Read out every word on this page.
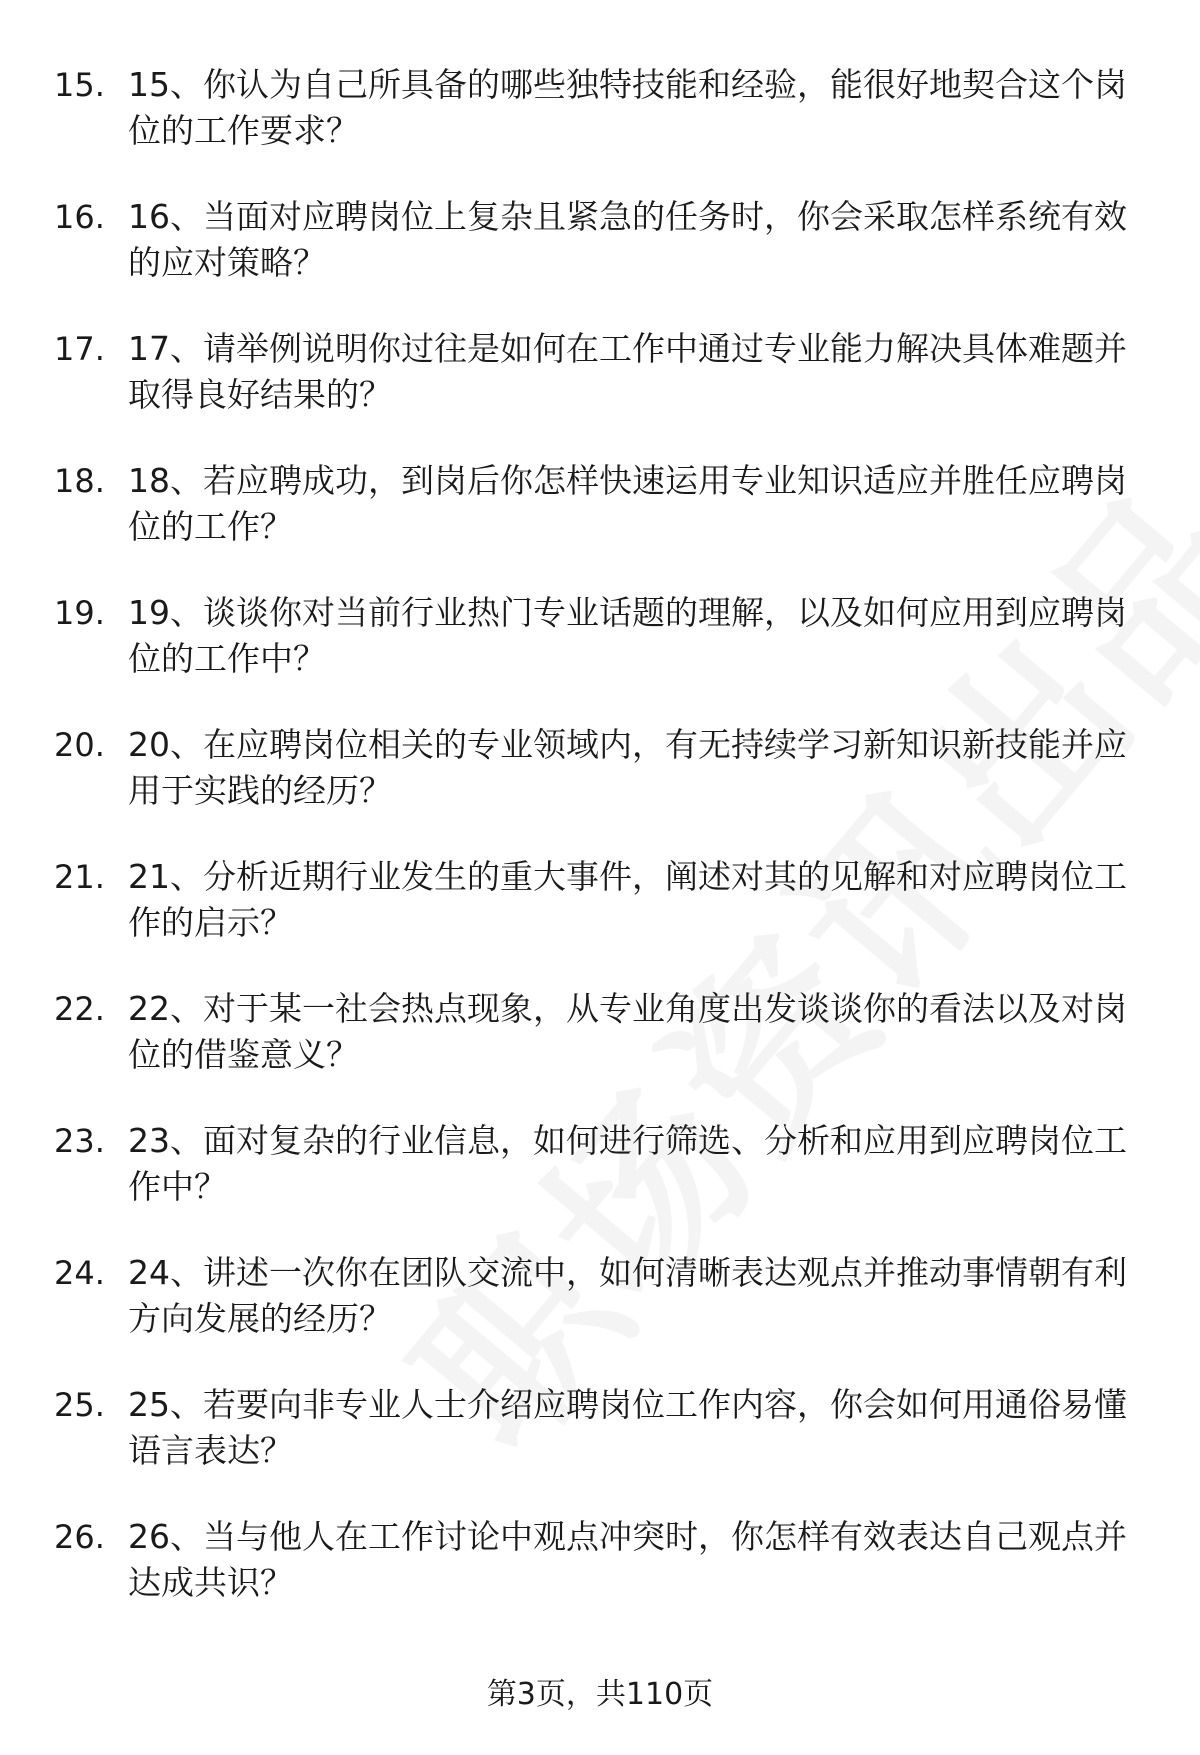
15. 15、你认为自己所具备的哪些独特技能和经验，能很好地契合这个岗位的工作要求？
16. 16、当面对应聘岗位上复杂且紧急的任务时，你会采取怎样系统有效的应对策略？
17. 17、请举例说明你过往是如何在工作中通过专业能力解决具体难题并取得良好结果的？
18. 18、若应聘成功，到岗后你怎样快速运用专业知识适应并胜任应聘岗位的工作？
19. 19、谈谈你对当前行业热门专业话题的理解，以及如何应用到应聘岗位的工作中？
20. 20、在应聘岗位相关的专业领域内，有无持续学习新知识新技能并应用于实践的经历？
21. 21、分析近期行业发生的重大事件，阐述对其的见解和对应聘岗位工作的启示？
22. 22、对于某一社会热点现象，从专业角度出发谈谈你的看法以及对岗位的借鉴意义？
23. 23、面对复杂的行业信息，如何进行筛选、分析和应用到应聘岗位工作中？
24. 24、讲述一次你在团队交流中，如何清晰表达观点并推动事情朝有利方向发展的经历？
25. 25、若要向非专业人士介绍应聘岗位工作内容，你会如何用通俗易懂语言表达？
26. 26、当与他人在工作讨论中观点冲突时，你怎样有效表达自己观点并达成共识？
第3页，共110页
